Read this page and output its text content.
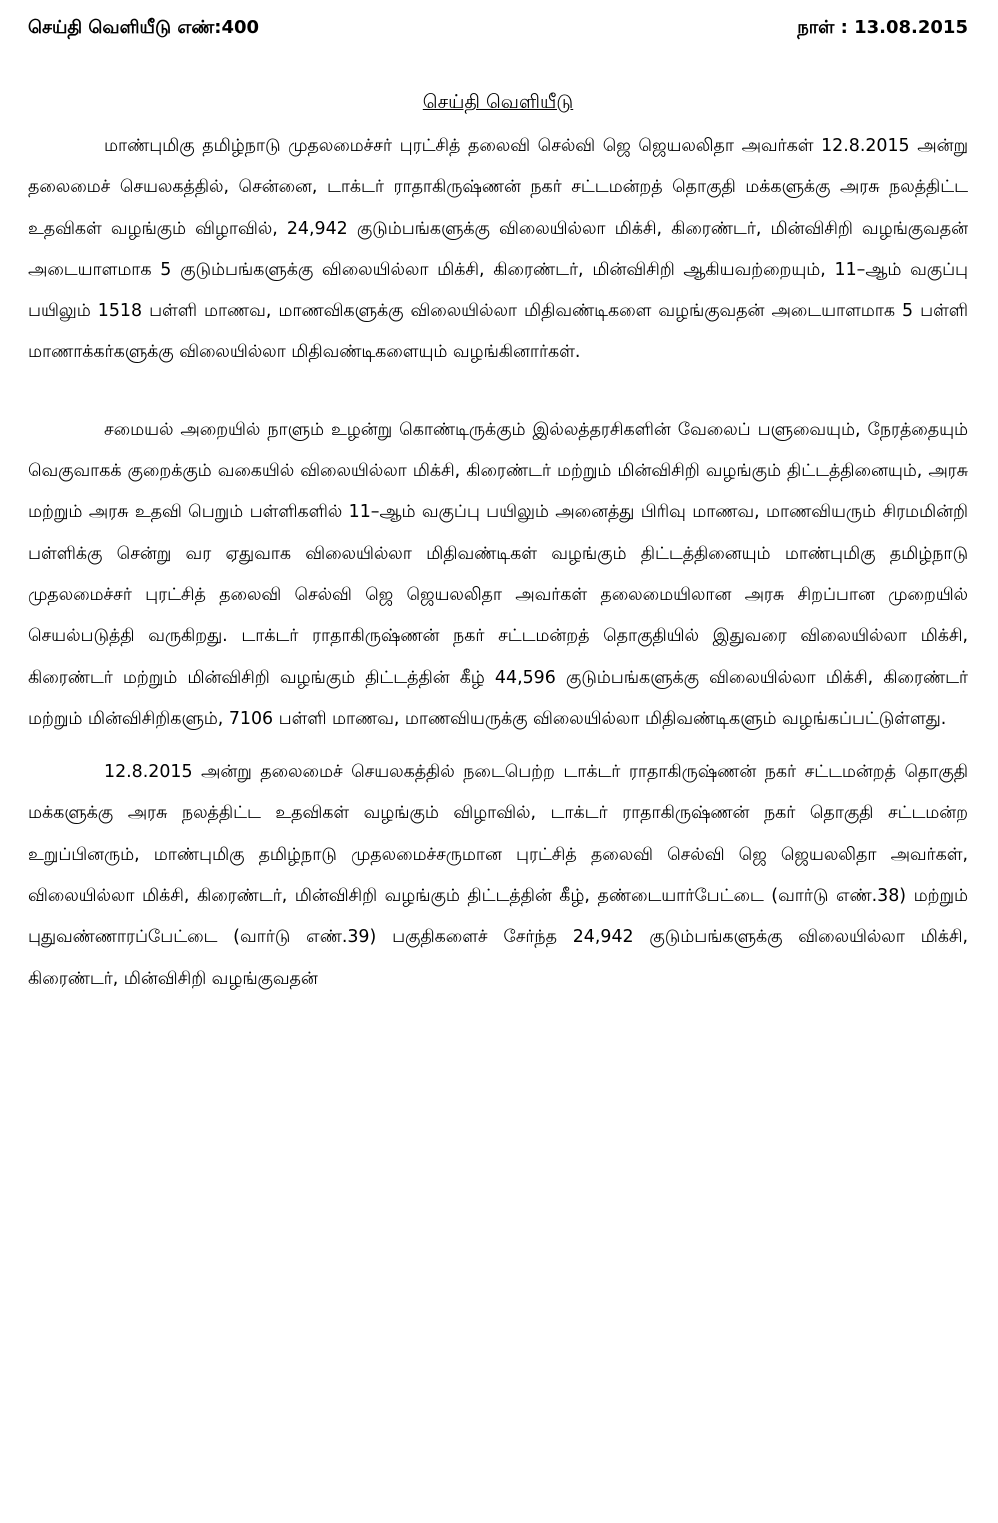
செய்தி வெளியீடு எண்:400	நாள் : 13.08.2015
செய்தி வெளியீடு

மாண்புமிகு தமிழ்நாடு முதலமைச்சர் புரட்சித் தலைவி செல்வி ஜெ ஜெயலலிதா அவர்கள் 12.8.2015 அன்று தலைமைச் செயலகத்தில், சென்னை, டாக்டர் ராதாகிருஷ்ணன் நகர் சட்டமன்றத் தொகுதி மக்களுக்கு அரசு நலத்திட்ட உதவிகள் வழங்கும் விழாவில், 24,942 குடும்பங்களுக்கு விலையில்லா மிக்சி, கிரைண்டர், மின்விசிறி வழங்குவதன் அடையாளமாக 5 குடும்பங்களுக்கு விலையில்லா மிக்சி, கிரைண்டர், மின்விசிறி ஆகியவற்றையும், 11–ஆம் வகுப்பு பயிலும் 1518 பள்ளி மாணவ, மாணவிகளுக்கு விலையில்லா மிதிவண்டிகளை வழங்குவதன் அடையாளமாக 5 பள்ளி மாணாக்கர்களுக்கு விலையில்லா மிதிவண்டிகளையும் வழங்கினார்கள்.

சமையல் அறையில் நாளும் உழன்று கொண்டிருக்கும் இல்லத்தரசிகளின் வேலைப் பளுவையும், நேரத்தையும் வெகுவாகக் குறைக்கும் வகையில் விலையில்லா மிக்சி, கிரைண்டர் மற்றும் மின்விசிறி வழங்கும் திட்டத்தினையும், அரசு மற்றும் அரசு உதவி பெறும் பள்ளிகளில் 11–ஆம் வகுப்பு பயிலும் அனைத்து பிரிவு மாணவ, மாணவியரும் சிரமமின்றி பள்ளிக்கு சென்று வர ஏதுவாக விலையில்லா மிதிவண்டிகள் வழங்கும் திட்டத்தினையும் மாண்புமிகு தமிழ்நாடு முதலமைச்சர் புரட்சித் தலைவி செல்வி ஜெ ஜெயலலிதா அவர்கள் தலைமையிலான அரசு சிறப்பான முறையில் செயல்படுத்தி வருகிறது. டாக்டர் ராதாகிருஷ்ணன் நகர் சட்டமன்றத் தொகுதியில் இதுவரை விலையில்லா மிக்சி, கிரைண்டர் மற்றும் மின்விசிறி வழங்கும் திட்டத்தின் கீழ் 44,596 குடும்பங்களுக்கு விலையில்லா மிக்சி, கிரைண்டர் மற்றும் மின்விசிறிகளும், 7106 பள்ளி மாணவ, மாணவியருக்கு விலையில்லா மிதிவண்டிகளும் வழங்கப்பட்டுள்ளது.

12.8.2015 அன்று தலைமைச் செயலகத்தில் நடைபெற்ற டாக்டர் ராதாகிருஷ்ணன் நகர் சட்டமன்றத் தொகுதி மக்களுக்கு அரசு நலத்திட்ட உதவிகள் வழங்கும் விழாவில், டாக்டர் ராதாகிருஷ்ணன் நகர் தொகுதி சட்டமன்ற உறுப்பினரும், மாண்புமிகு தமிழ்நாடு முதலமைச்சருமான புரட்சித் தலைவி செல்வி ஜெ ஜெயலலிதா அவர்கள், விலையில்லா மிக்சி, கிரைண்டர், மின்விசிறி வழங்கும் திட்டத்தின் கீழ், தண்டையார்பேட்டை (வார்டு எண்.38) மற்றும் புதுவண்ணாரப்பேட்டை (வார்டு எண்.39) பகுதிகளைச் சேர்ந்த 24,942 குடும்பங்களுக்கு விலையில்லா மிக்சி, கிரைண்டர், மின்விசிறி வழங்குவதன்
